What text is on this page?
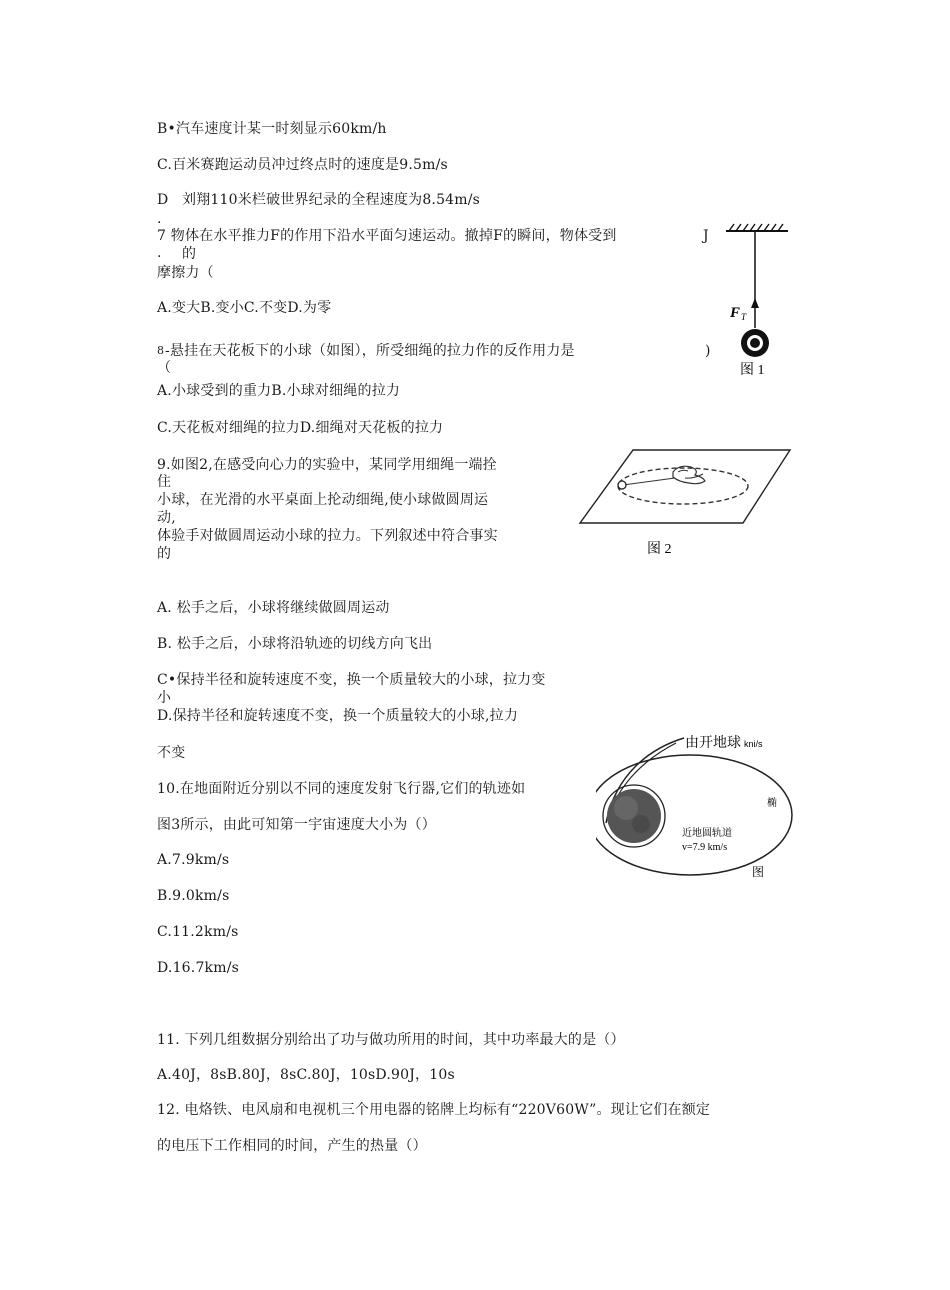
B•汽车速度计某一时刻显示60km/h
C.百米赛跑运动员冲过终点时的速度是9.5m/s
D 刘翔110米栏破世界纪录的全程速度为8.54m/s
.
7 物体在水平推力F的作用下沿水平面匀速运动。撤掉F的瞬间，物体受到	J
. 的
摩擦力（
A.变大B.变小C.不变D.为零
8 -悬挂在天花板下的小球（如图），所受细绳的拉力作的反作用力是	)
（
A.小球受到的重力B.小球对细绳的拉力
C.天花板对细绳的拉力D.细绳对天花板的拉力
F T
图 1
9.如图2,在感受向心力的实验中，某同学用细绳一端拴
住
小球，在光滑的水平桌面上抡动细绳,使小球做圆周运
动,
体验手对做圆周运动小球的拉力。下列叙述中符合事实
的	图 2
A. 松手之后，小球将继续做圆周运动
B. 松手之后，小球将沿轨迹的切线方向飞出
C•保持半径和旋转速度不变，换一个质量较大的小球，拉力变
小
D.保持半径和旋转速度不变，换一个质量较大的小球,拉力
不变
10.在地面附近分别以不同的速度发射飞行器,它们的轨迹如
图3所示，由此可知第一宇宙速度大小为（）
A.7.9km/s
B.9.0km/s
C.11.2km/s
D.16.7km/s
由开地球 kni/s
椭
近地圆轨道
v=7.9 km/s
图
11. 下列几组数据分别给出了功与做功所用的时间，其中功率最大的是（）
A.40J，8sB.80J，8sC.80J，10sD.90J，10s
12. 电烙铁、电风扇和电视机三个用电器的铭牌上均标有“220V60W”。现让它们在额定
的电压下工作相同的时间，产生的热量（）
